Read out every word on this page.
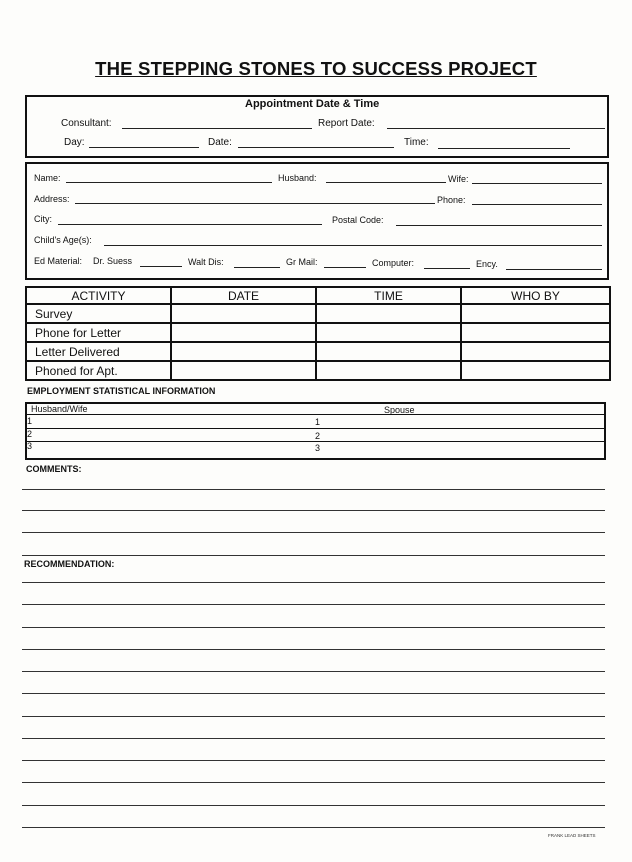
THE STEPPING STONES TO SUCCESS PROJECT
Appointment Date & Time
Consultant:	Report Date:
Day:	Date:	Time:
Name:	Husband:	Wife:
Address:	Phone:
City:	Postal Code:
Child's Age(s):
Ed Material: Dr. Suess	Walt Dis:	Gr Mail:	Computer:	Ency.
ACTIVITY	DATE	TIME	WHO BY
Survey			
Phone for Letter			
Letter Delivered			
Phoned for Apt.			
EMPLOYMENT STATISTICAL INFORMATION
Husband/Wife	Spouse
1	1
2	2
3	3
COMMENTS:
RECOMMENDATION:
FRANK LEAD SHEETS
